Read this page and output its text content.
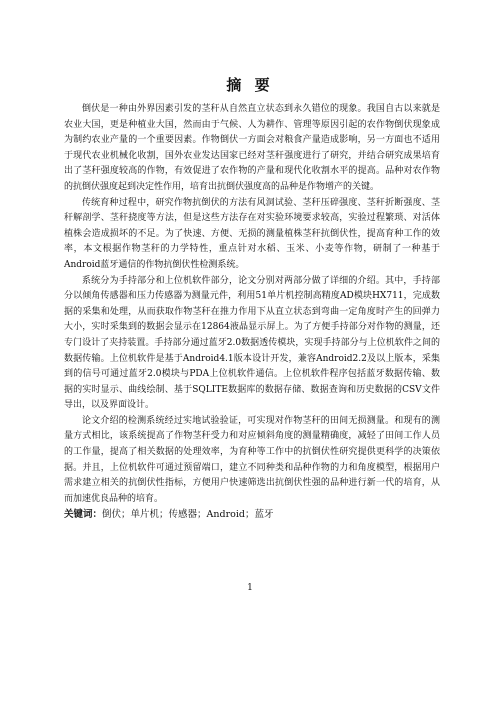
摘 要

倒伏是一种由外界因素引发的茎秆从自然直立状态到永久错位的现象。我国自古以来就是农业大国，更是种植业大国，然而由于气候、人为耕作、管理等原因引起的农作物倒伏现象成为制约农业产量的一个重要因素。作物倒伏一方面会对粮食产量造成影响，另一方面也不适用于现代农业机械化收割，国外农业发达国家已经对茎秆强度进行了研究，并结合研究成果培育出了茎秆强度较高的作物，有效促进了农作物的产量和现代化收割水平的提高。品种对农作物的抗倒伏强度起到决定性作用，培育出抗倒伏强度高的品种是作物增产的关键。

传统育种过程中，研究作物抗倒伏的方法有风洞试验、茎秆压碎强度、茎秆折断强度、茎秆解剖学、茎秆挠度等方法，但是这些方法存在对实验环境要求较高，实验过程繁琐、对活体植株会造成损坏的不足。为了快速、方便、无损的测量植株茎秆抗倒伏性，提高育种工作的效率，本文根据作物茎秆的力学特性，重点针对水稻、玉米、小麦等作物，研制了一种基于Android蓝牙通信的作物抗倒伏性检测系统。

系统分为手持部分和上位机软件部分，论文分别对两部分做了详细的介绍。其中，手持部分以倾角传感器和压力传感器为测量元件，利用51单片机控制高精度AD模块HX711，完成数据的采集和处理，从而获取作物茎秆在推力作用下从直立状态到弯曲一定角度时产生的回弹力大小，实时采集到的数据会显示在12864液晶显示屏上。为了方便手持部分对作物的测量，还专门设计了夹持装置。手持部分通过蓝牙2.0数据透传模块，实现手持部分与上位机软件之间的数据传输。上位机软件是基于Android4.1版本设计开发，兼容Android2.2及以上版本，采集到的信号可通过蓝牙2.0模块与PDA上位机软件通信。上位机软件程序包括蓝牙数据传输、数据的实时显示、曲线绘制、基于SQLITE数据库的数据存储、数据查询和历史数据的CSV文件导出，以及界面设计。

论文介绍的检测系统经过实地试验验证，可实现对作物茎秆的田间无损测量。和现有的测量方式相比，该系统提高了作物茎秆受力和对应倾斜角度的测量精确度，减轻了田间工作人员的工作量，提高了相关数据的处理效率，为育种等工作中的抗倒伏性研究提供更科学的决策依据。并且，上位机软件可通过预留端口，建立不同种类和品种作物的力和角度模型，根据用户需求建立相关的抗倒伏性指标，方便用户快速筛选出抗倒伏性强的品种进行新一代的培育，从而加速优良品种的培育。

关键词：倒伏；单片机；传感器；Android；蓝牙

1
